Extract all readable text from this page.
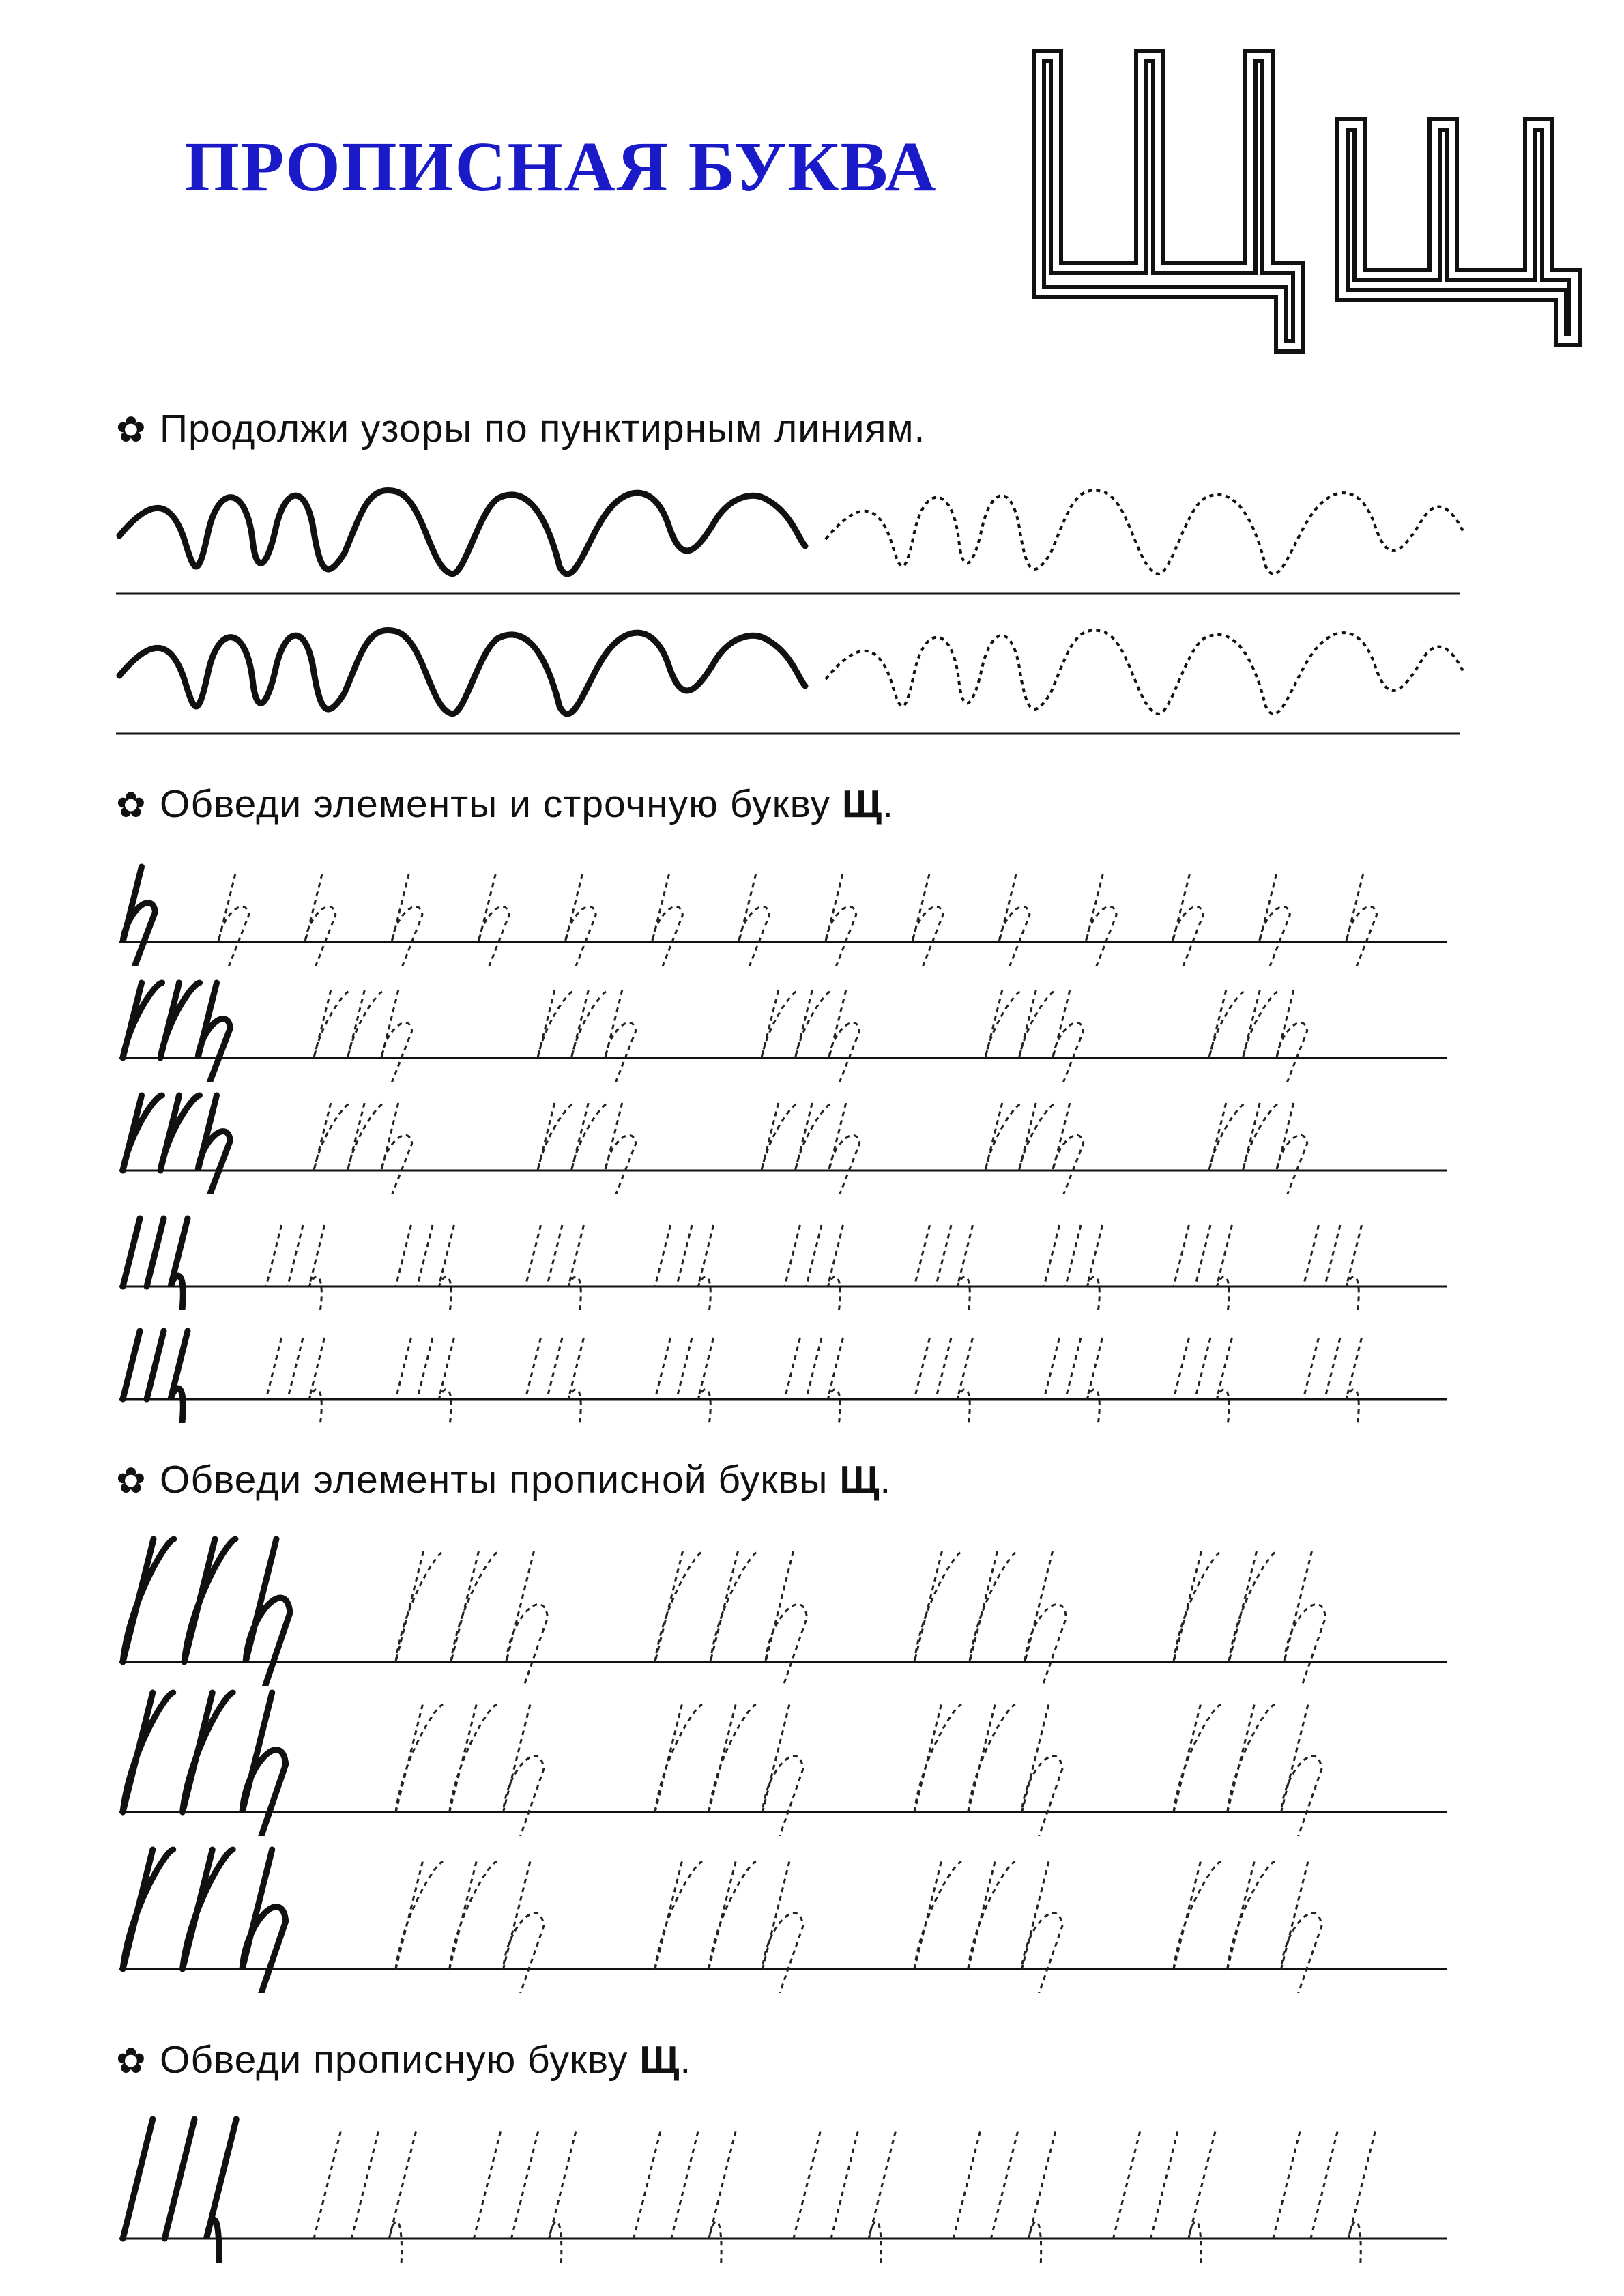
ПРОПИСНАЯ БУКВА
✿ Продолжи узоры по пунктирным линиям.
✿ Обведи элементы и строчную букву Щ.
✿ Обведи элементы прописной буквы Щ.
✿ Обведи прописную букву Щ.
